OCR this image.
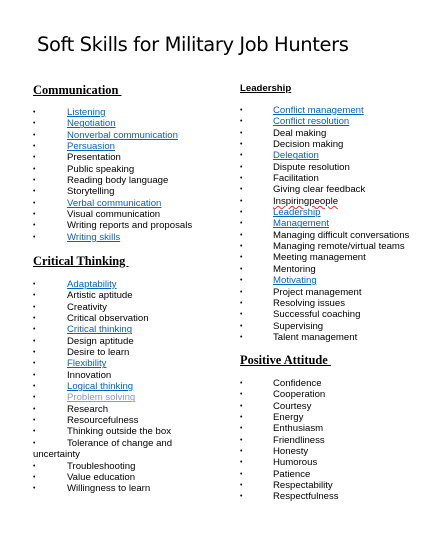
Soft Skills for Military Job Hunters
Communication
•	Listening
•	Negotiation
•	Nonverbal communication
•	Persuasion
•	Presentation
•	Public speaking
•	Reading body language
•	Storytelling
•	Verbal communication
•	Visual communication
•	Writing reports and proposals
•	Writing skills
Critical Thinking
•	Adaptability
•	Artistic aptitude
•	Creativity
•	Critical observation
•	Critical thinking
•	Design aptitude
•	Desire to learn
•	Flexibility
•	Innovation
•	Logical thinking
•	Problem solving
•	Research
•	Resourcefulness
•	Thinking outside the box
•	Tolerance of change and
uncertainty
•	Troubleshooting
•	Value education
•	Willingness to learn
Leadership
•	Conflict management
•	Conflict resolution
•	Deal making
•	Decision making
•	Delegation
•	Dispute resolution
•	Facilitation
•	Giving clear feedback
•	Inspiringpeople
•	Leadership
•	Management
•	Managing difficult conversations
•	Managing remote/virtual teams
•	Meeting management
•	Mentoring
•	Motivating
•	Project management
•	Resolving issues
•	Successful coaching
•	Supervising
•	Talent management
Positive Attitude
•	Confidence
•	Cooperation
•	Courtesy
•	Energy
•	Enthusiasm
•	Friendliness
•	Honesty
•	Humorous
•	Patience
•	Respectability
•	Respectfulness
